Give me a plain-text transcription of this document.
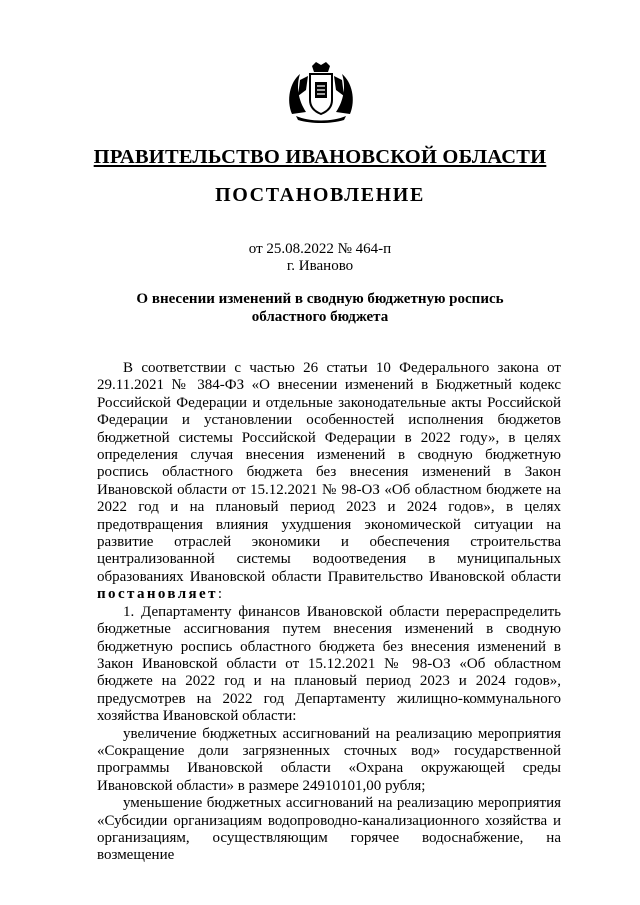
ПРАВИТЕЛЬСТВО ИВАНОВСКОЙ ОБЛАСТИ
ПОСТАНОВЛЕНИЕ
от 25.08.2022 № 464-п
г. Иваново
О внесении изменений в сводную бюджетную роспись
областного бюджета

В соответствии с частью 26 статьи 10 Федерального закона от 29.11.2021 № 384-ФЗ «О внесении изменений в Бюджетный кодекс Российской Федерации и отдельные законодательные акты Российской Федерации и установлении особенностей исполнения бюджетов бюджетной системы Российской Федерации в 2022 году», в целях определения случая внесения изменений в сводную бюджетную роспись областного бюджета без внесения изменений в Закон Ивановской области от 15.12.2021 № 98-ОЗ «Об областном бюджете на 2022 год и на плановый период 2023 и 2024 годов», в целях предотвращения влияния ухудшения экономической ситуации на развитие отраслей экономики и обеспечения строительства централизованной системы водоотведения в муниципальных образованиях Ивановской области Правительство Ивановской области постановляет:

1. Департаменту финансов Ивановской области перераспределить бюджетные ассигнования путем внесения изменений в сводную бюджетную роспись областного бюджета без внесения изменений в Закон Ивановской области от 15.12.2021 № 98-ОЗ «Об областном бюджете на 2022 год и на плановый период 2023 и 2024 годов», предусмотрев на 2022 год Департаменту жилищно-коммунального хозяйства Ивановской области:

увеличение бюджетных ассигнований на реализацию мероприятия «Сокращение доли загрязненных сточных вод» государственной программы Ивановской области «Охрана окружающей среды Ивановской области» в размере 24910101,00 рубля;

уменьшение бюджетных ассигнований на реализацию мероприятия «Субсидии организациям водопроводно-канализационного хозяйства и организациям, осуществляющим горячее водоснабжение, на возмещение
